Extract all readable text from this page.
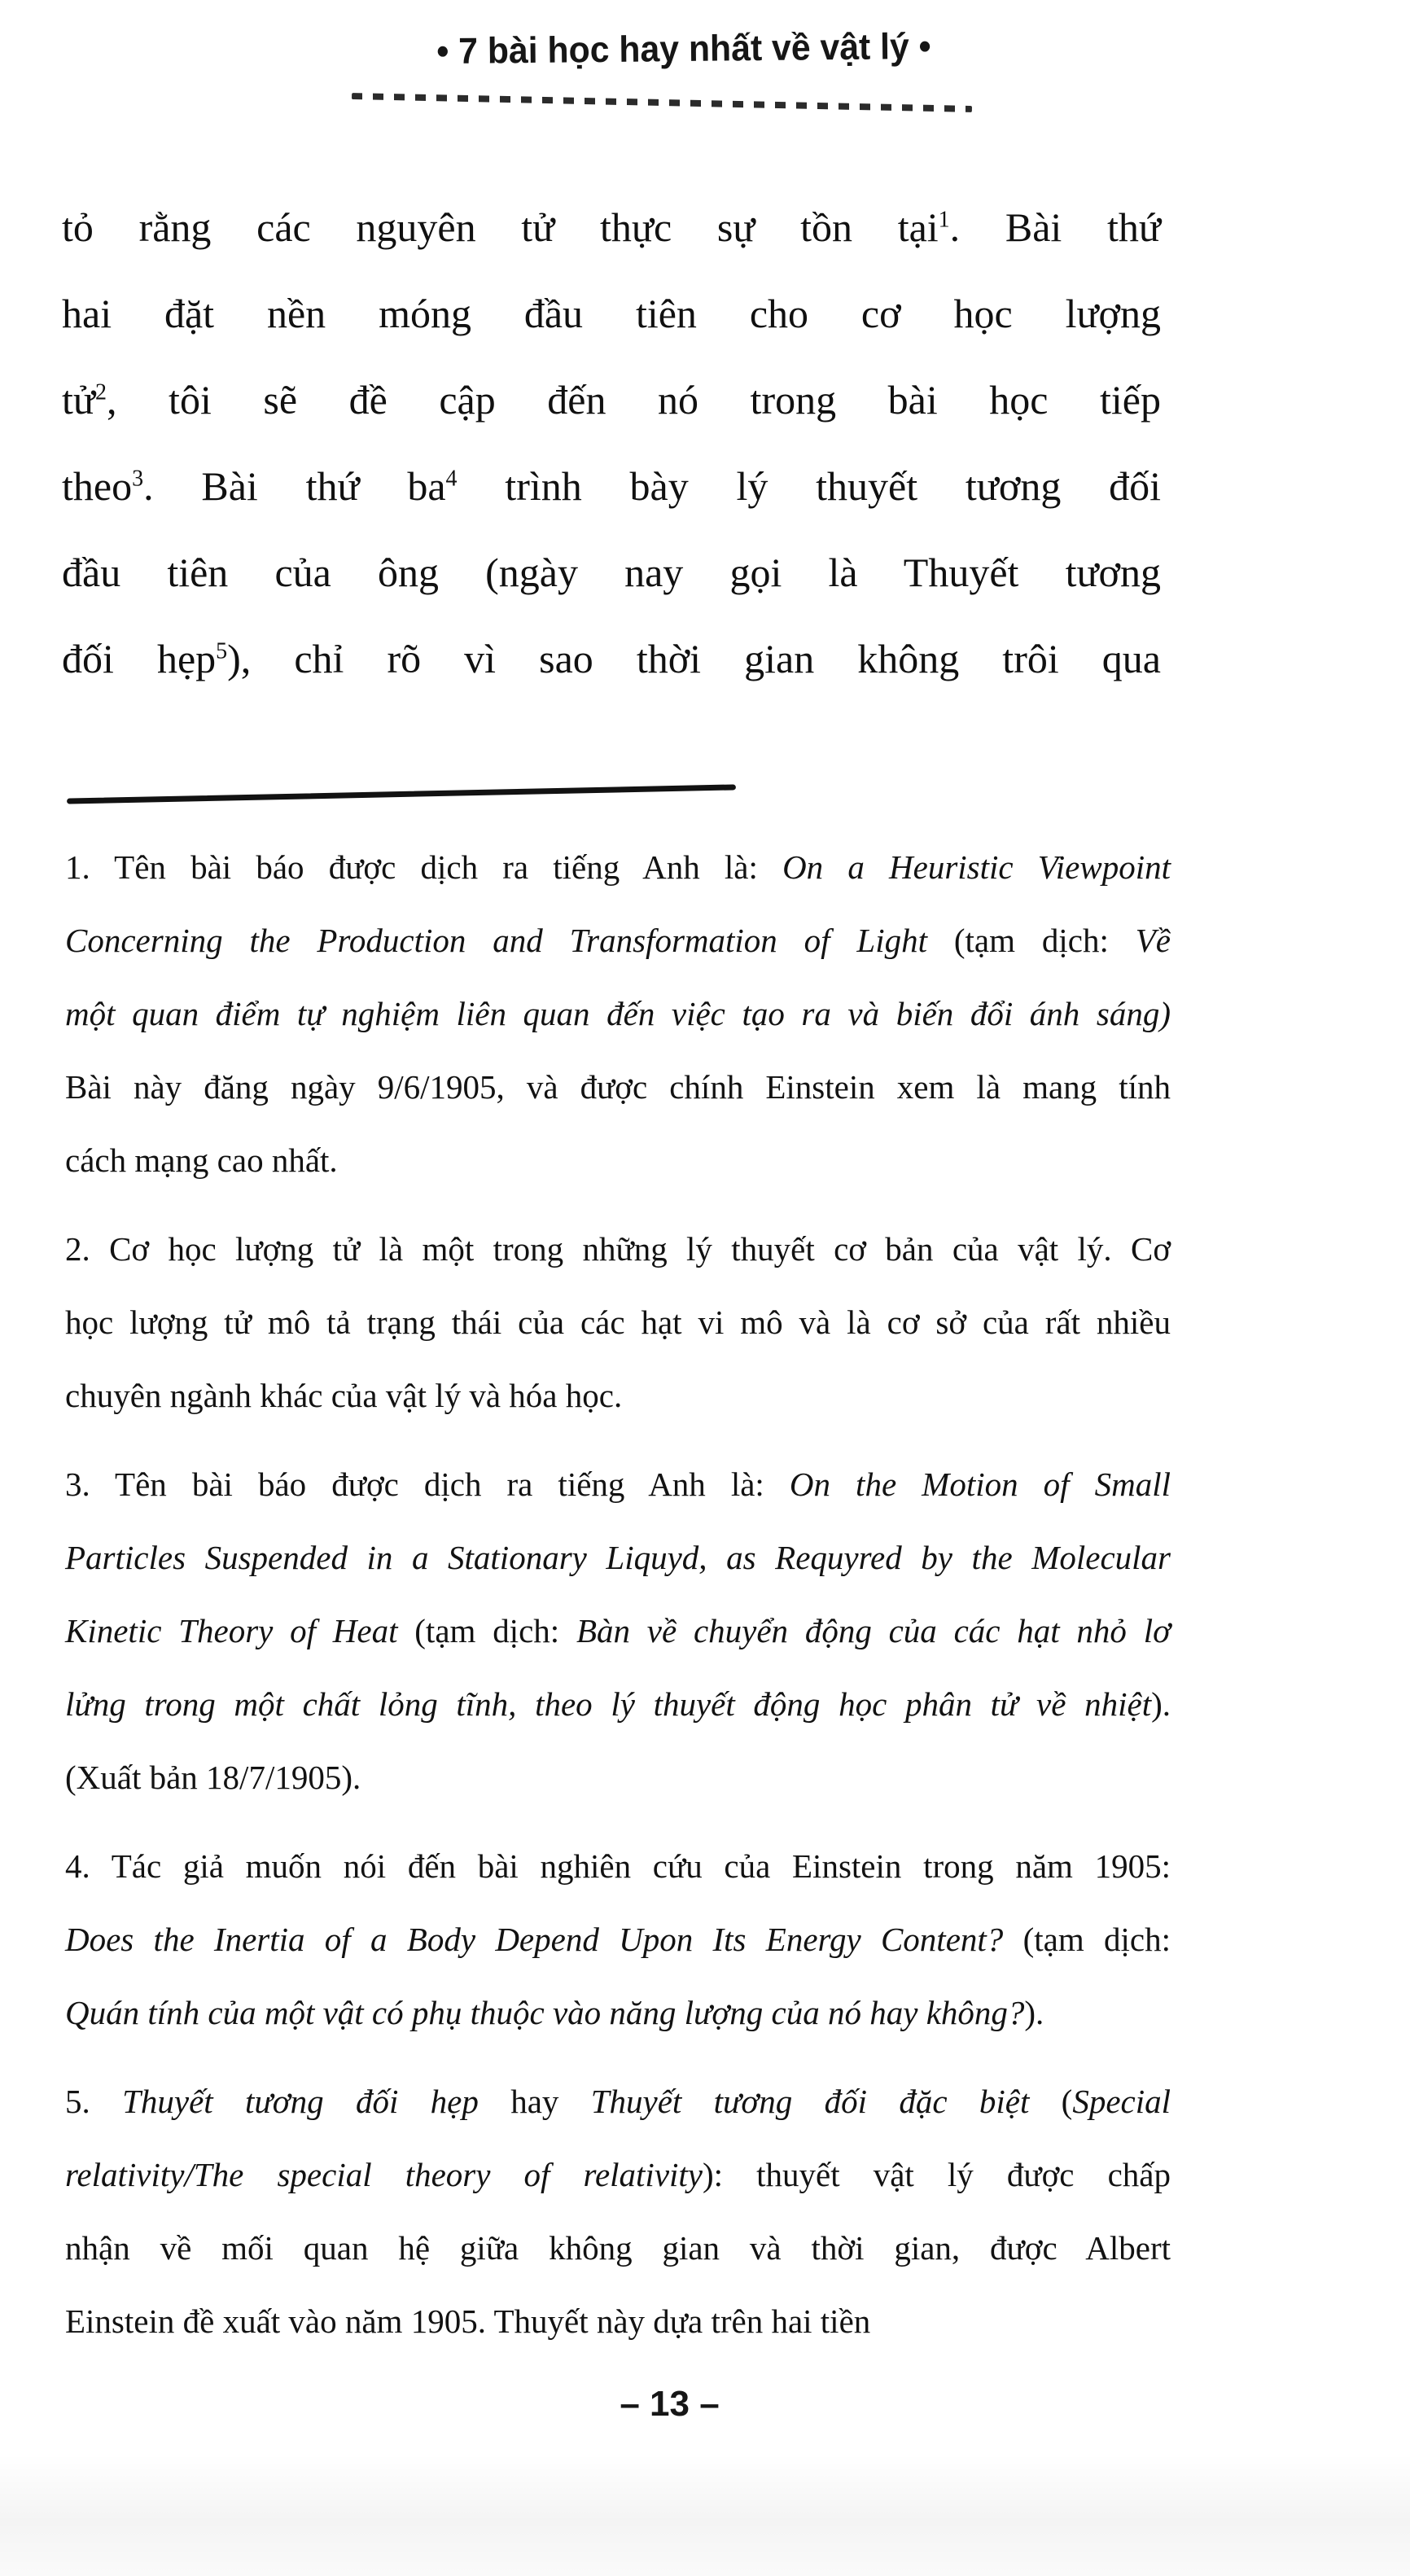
• 7 bài học hay nhất về vật lý •
tỏ rằng các nguyên tử thực sự tồn tại$^1$. Bài thứ
hai đặt nền móng đầu tiên cho cơ học lượng
tử$^2$, tôi sẽ đề cập đến nó trong bài học tiếp
theo$^3$. Bài thứ $ba^4$ trình bày lý thuyết tương đối
đầu tiên của ông (ngày nay gọi là Thuyết tương
đối hẹp$^5$), chỉ rõ vì sao thời gian không trôi qua
1. Tên bài báo được dịch ra tiếng Anh là: On a Heuristic Viewpoint
Concerning the Production and Transformation of Light (tạm dịch: Về
một quan điểm tự nghiệm liên quan đến việc tạo ra và biến đổi ánh sáng)
Bài này đăng ngày 9/6/1905, và được chính Einstein xem là mang tính
cách mạng cao nhất.
2. Cơ học lượng tử là một trong những lý thuyết cơ bản của vật lý. Cơ
học lượng tử mô tả trạng thái của các hạt vi mô và là cơ sở của rất nhiều
chuyên ngành khác của vật lý và hóa học.
3. Tên bài báo được dịch ra tiếng Anh là: On the Motion of Small
Particles Suspended in a Stationary Liquyd, as Requyred by the Molecular
Kinetic Theory of Heat (tạm dịch: Bàn về chuyển động của các hạt nhỏ lơ
lửng trong một chất lỏng tĩnh, theo lý thuyết động học phân tử về nhiệt).
(Xuất bản 18/7/1905).
4. Tác giả muốn nói đến bài nghiên cứu của Einstein trong năm 1905:
Does the Inertia of a Body Depend Upon Its Energy Content? (tạm dịch:
Quán tính của một vật có phụ thuộc vào năng lượng của nó hay không?).
5. Thuyết tương đối hẹp hay Thuyết tương đối đặc biệt (Special
relativity/The special theory of relativity): thuyết vật lý được chấp
nhận về mối quan hệ giữa không gian và thời gian, được Albert
Einstein đề xuất vào năm 1905. Thuyết này dựa trên hai tiền
– 13 –
